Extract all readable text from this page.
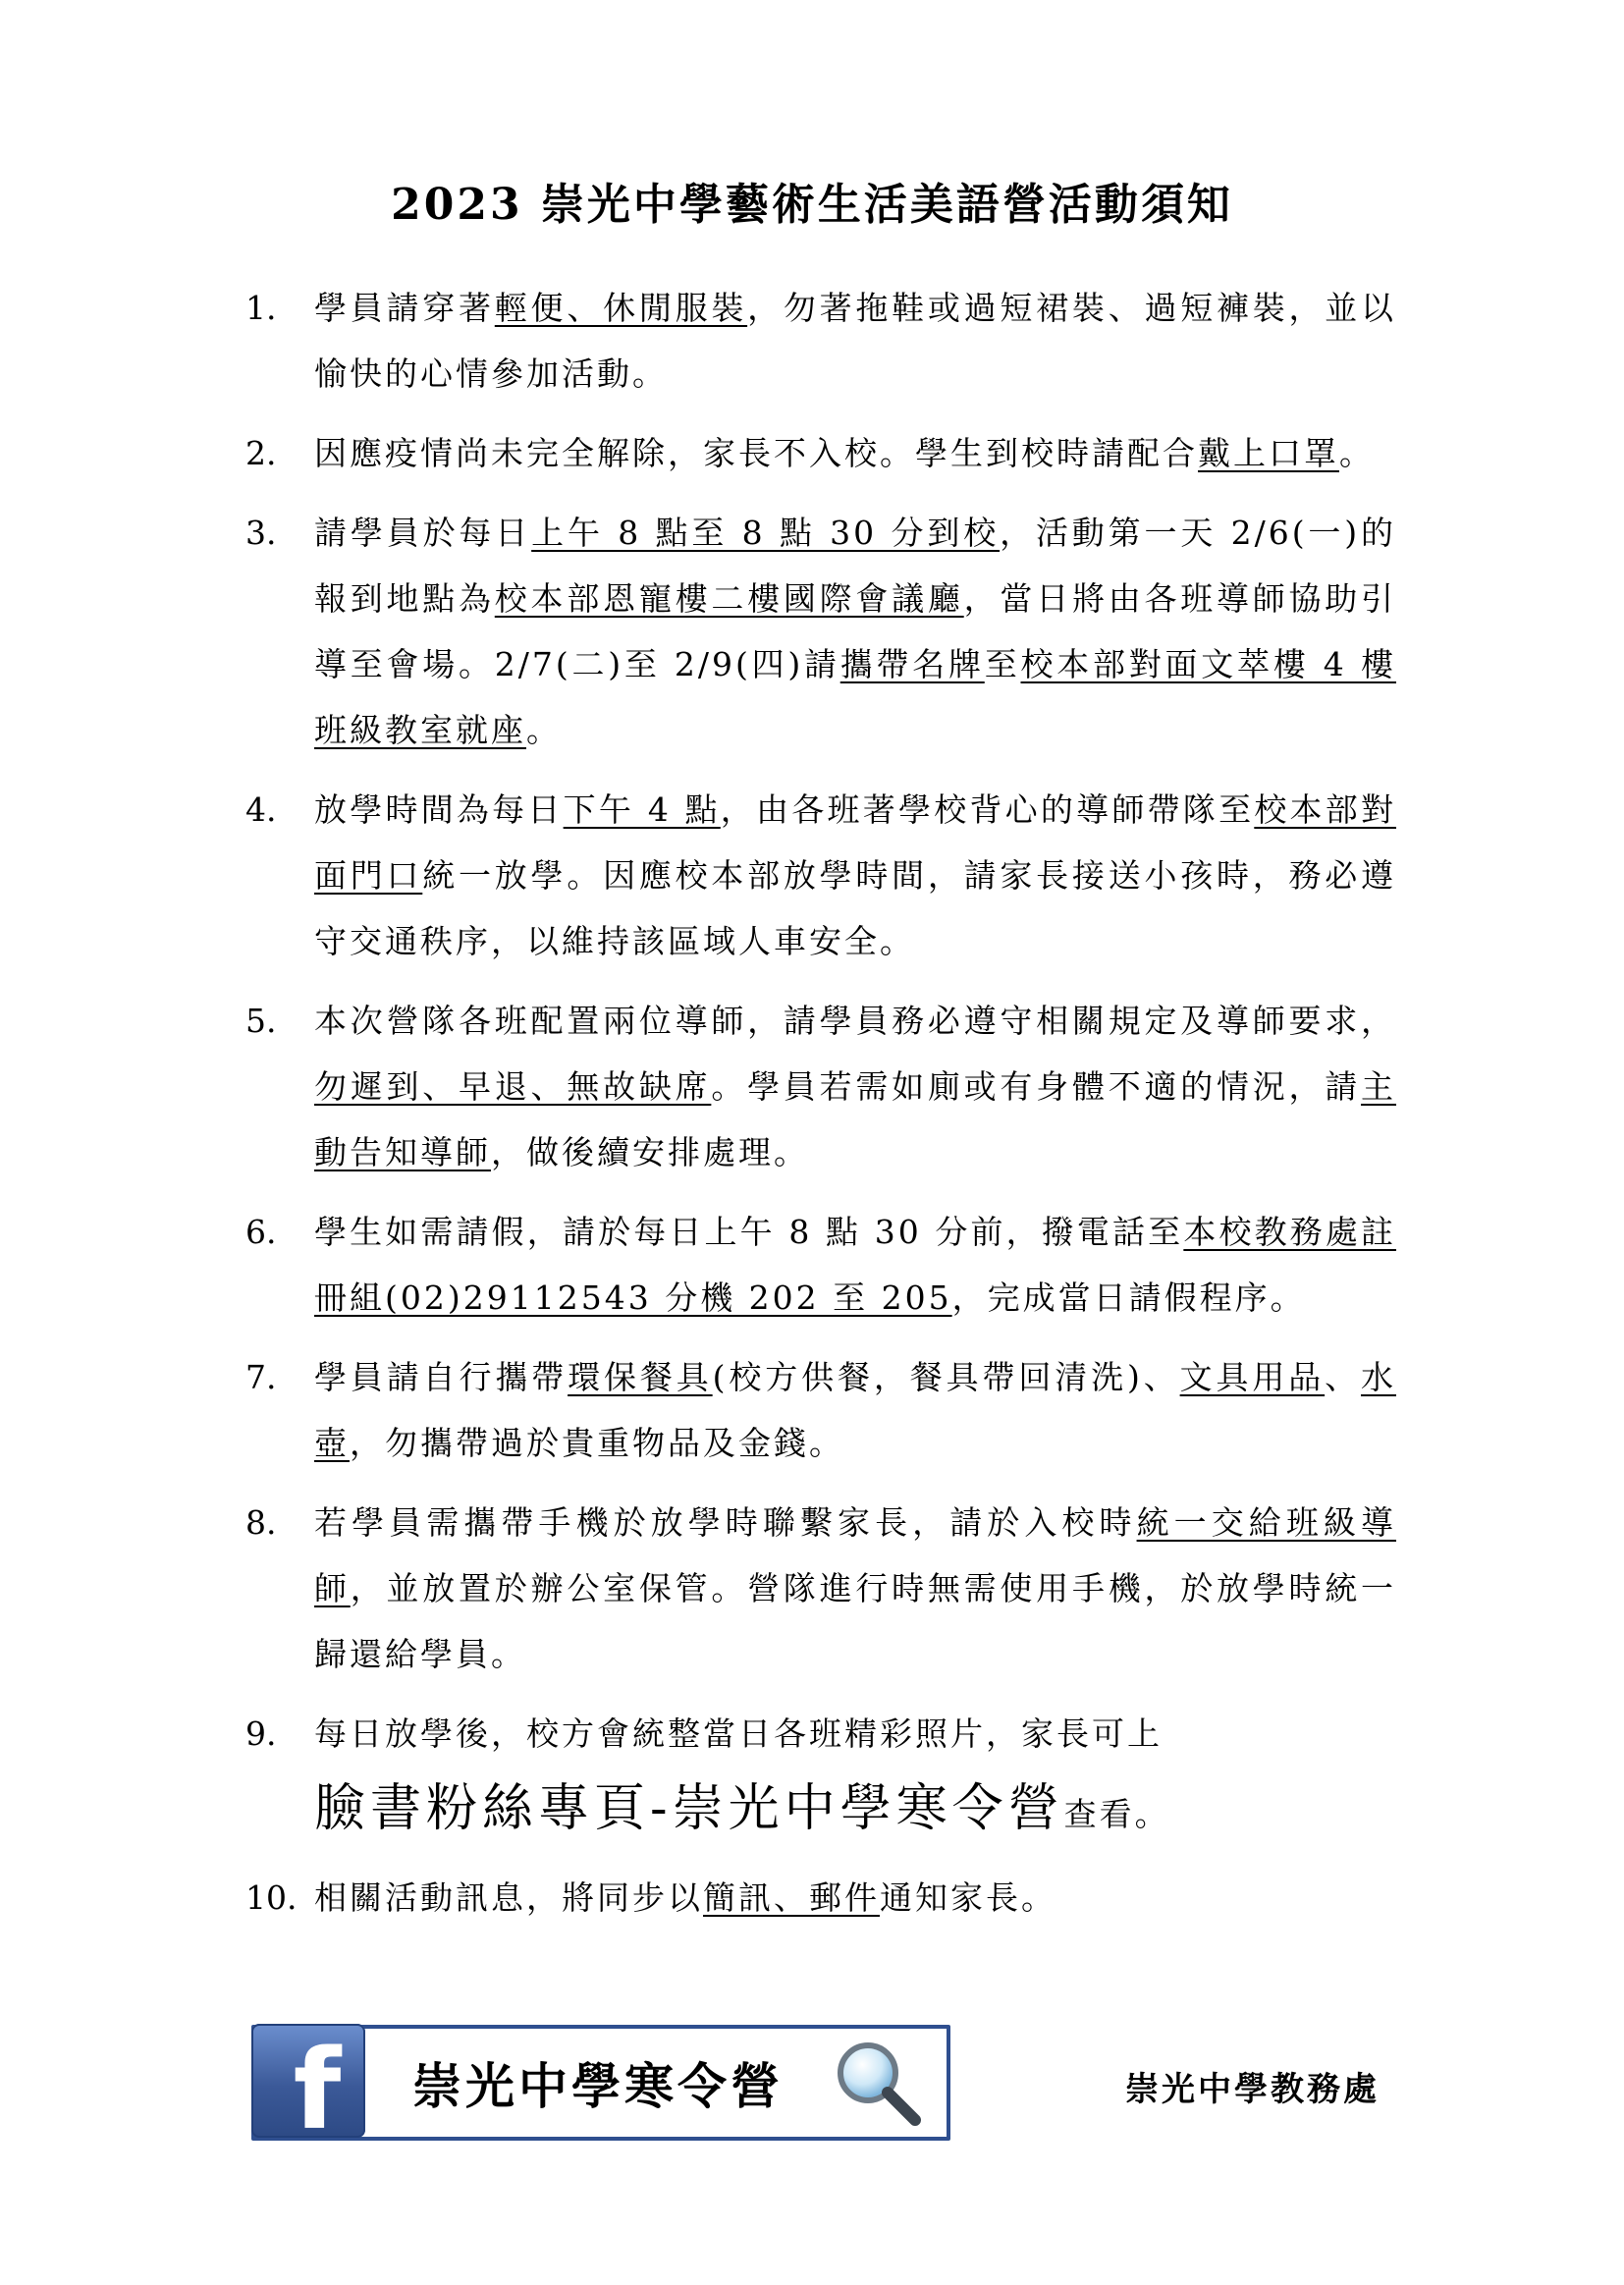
2023 崇光中學藝術生活美語營活動須知
1.	學員請穿著輕便、休閒服裝，勿著拖鞋或過短裙裝、過短褲裝，並以愉快的心情參加活動。
2.	因應疫情尚未完全解除，家長不入校。學生到校時請配合戴上口罩。
3.	請學員於每日上午 8 點至 8 點 30 分到校，活動第一天 2/6(一)的報到地點為校本部恩寵樓二樓國際會議廳，當日將由各班導師協助引導至會場。2/7(二)至 2/9(四)請攜帶名牌至校本部對面文萃樓 4 樓班級教室就座。
4.	放學時間為每日下午 4 點，由各班著學校背心的導師帶隊至校本部對面門口統一放學。因應校本部放學時間，請家長接送小孩時，務必遵守交通秩序，以維持該區域人車安全。
5.	本次營隊各班配置兩位導師，請學員務必遵守相關規定及導師要求，勿遲到、早退、無故缺席。學員若需如廁或有身體不適的情況，請主動告知導師，做後續安排處理。
6.	學生如需請假，請於每日上午 8 點 30 分前，撥電話至本校教務處註冊組(02)29112543 分機 202 至 205，完成當日請假程序。
7.	學員請自行攜帶環保餐具(校方供餐，餐具帶回清洗)、文具用品、水壺，勿攜帶過於貴重物品及金錢。
8.	若學員需攜帶手機於放學時聯繫家長，請於入校時統一交給班級導師，並放置於辦公室保管。營隊進行時無需使用手機，於放學時統一歸還給學員。
9.	每日放學後，校方會統整當日各班精彩照片，家長可上
臉書粉絲專頁-崇光中學寒令營查看。
10. 相關活動訊息，將同步以簡訊、郵件通知家長。
f 崇光中學寒令營	崇光中學教務處
